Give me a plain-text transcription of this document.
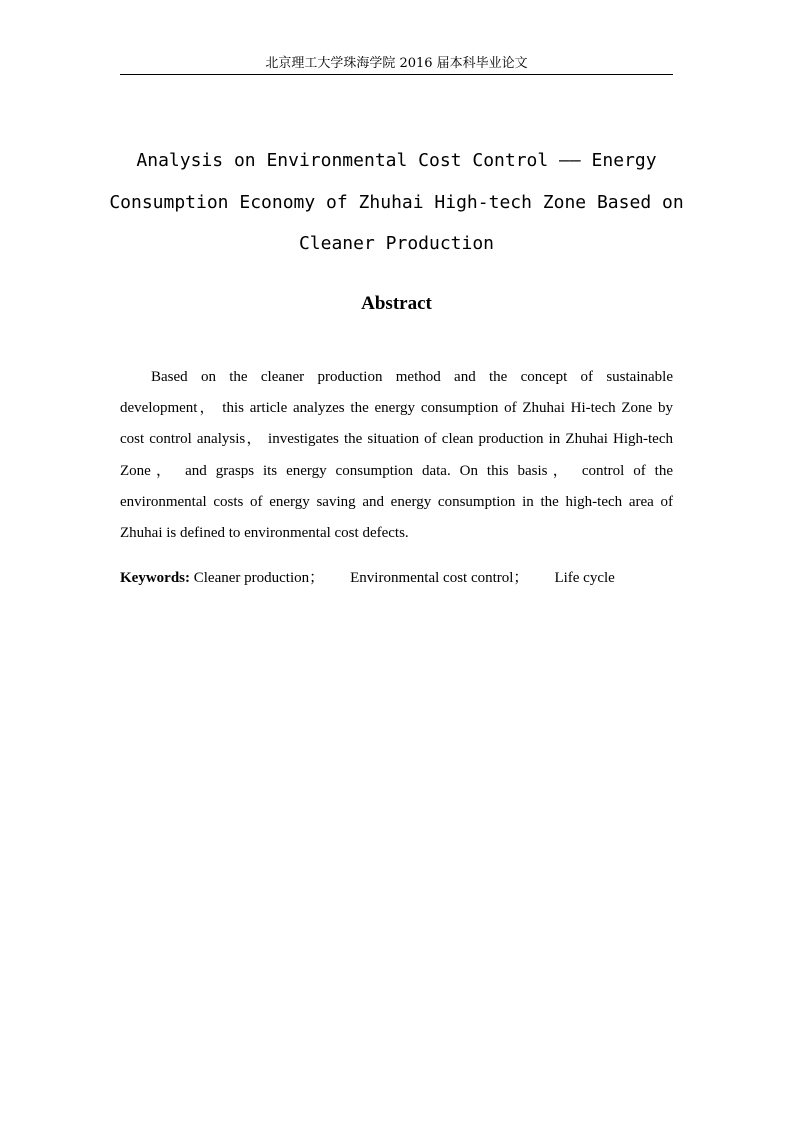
北京理工大学珠海学院 2016 届本科毕业论文
Analysis on Environmental Cost Control —— Energy
Consumption Economy of Zhuhai High-tech Zone Based on
Cleaner Production
Abstract

Based on the cleaner production method and the concept of sustainable development， this article analyzes the energy consumption of Zhuhai Hi-tech Zone by cost control analysis， investigates the situation of clean production in Zhuhai High-tech Zone， and grasps its energy consumption data. On this basis， control of the environmental costs of energy saving and energy consumption in the high-tech area of Zhuhai is defined to environmental cost defects.

Keywords: Cleaner production； Environmental cost control； Life cycle
